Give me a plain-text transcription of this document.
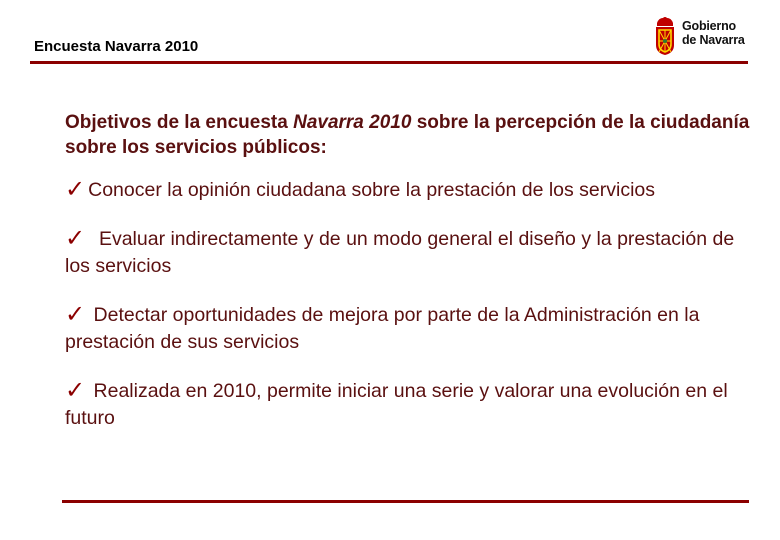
Encuesta Navarra 2010
Gobierno
de Navarra

Objetivos de la encuesta Navarra 2010 sobre la percepción de la ciudadanía sobre los servicios públicos:

✓ Conocer la opinión ciudadana sobre la prestación de los servicios

✓  Evaluar indirectamente y de un modo general el diseño y la prestación de los servicios

✓ Detectar oportunidades de mejora por parte de la Administración en la prestación de sus servicios

✓ Realizada en 2010, permite iniciar una serie y valorar una evolución en el futuro
